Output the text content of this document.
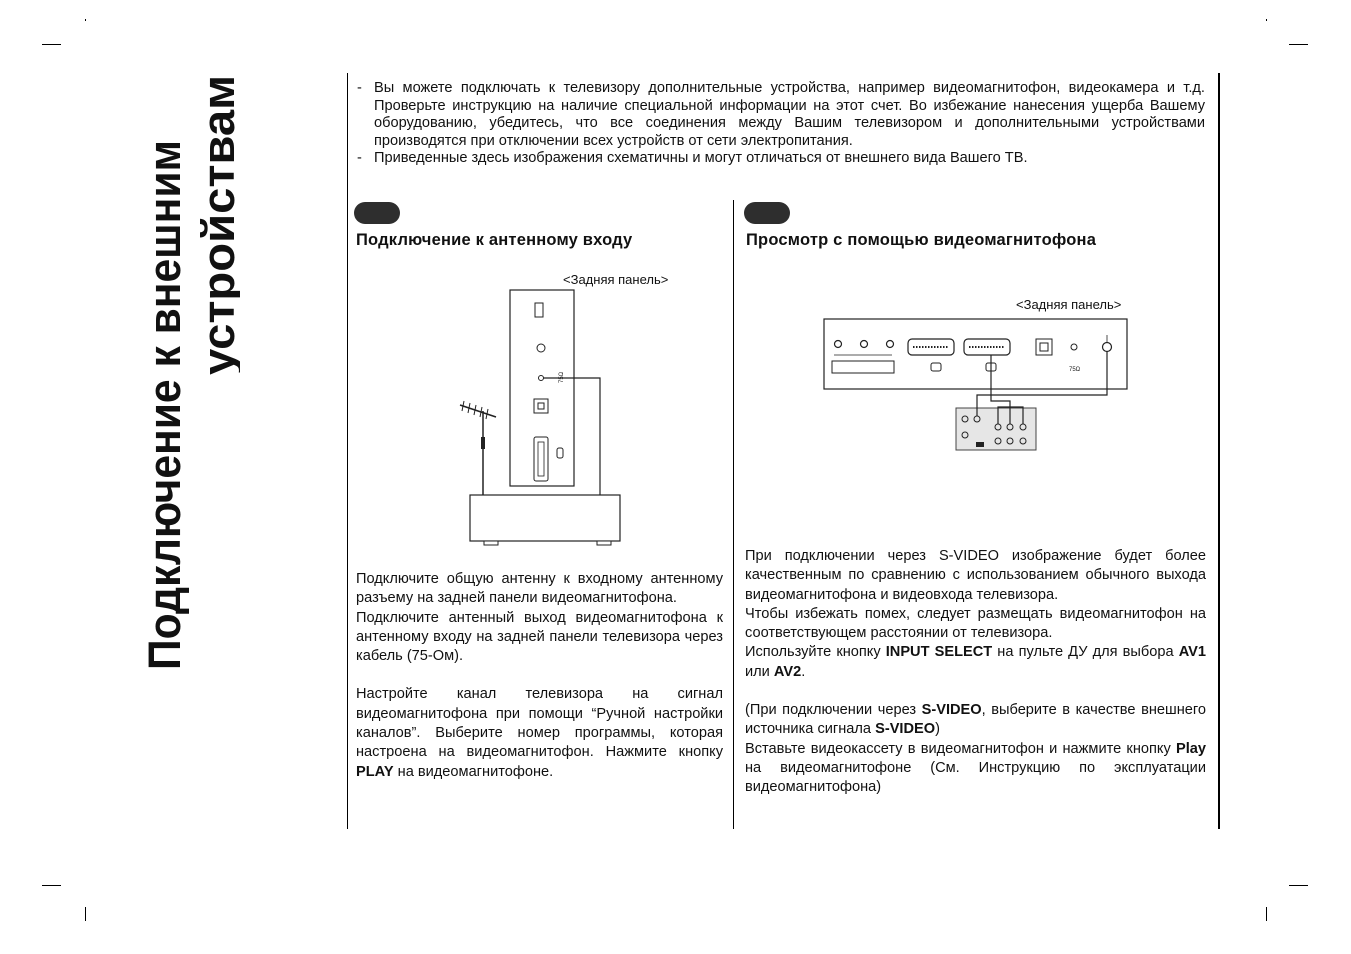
Подключение к внешним устройствам
- Вы можете подключать к телевизору дополнительные устройства, например видеомагнитофон, видеокамера и т.д. Проверьте инструкцию на наличие специальной информации на этот счет. Во избежание нанесения ущерба Вашему оборудованию, убедитесь, что все соединения между Вашим телевизором и дополнительными устройствами производятся при отключении всех устройств от сети электропитания.
- Приведенные здесь изображения схематичны и могут отличаться от внешнего вида Вашего ТВ.
Подключение к антенному входу
<Задняя панель>
75Ω

Подключите общую антенну к входному антенному разъему на задней панели видеомагнитофона.

Подключите антенный выход видеомагнитофона к антенному входу на задней панели телевизора через кабель (75-Ом).

Настройте канал телевизора на сигнал видеомагнитофона при помощи “Ручной настройки каналов”. Выберите номер программы, которая настроена на видеомагнитофон. Нажмите кнопку PLAY на видеомагнитофоне.

Просмотр с помощью видеомагнитофона
<Задняя панель>
75Ω

При подключении через S-VIDEO изображение будет более качественным по сравнению с использованием обычного выхода видеомагнитофона и видеовхода телевизора.

Чтобы избежать помех, следует размещать видеомагнитофон на соответствующем расстоянии от телевизора.

Используйте кнопку INPUT SELECT на пульте ДУ для выбора AV1 или AV2.

(При подключении через S-VIDEO, выберите в качестве внешнего источника сигнала S-VIDEO)

Вставьте видеокассету в видеомагнитофон и нажмите кнопку Play на видеомагнитофоне (См. Инструкцию по эксплуатации видеомагнитофона)
